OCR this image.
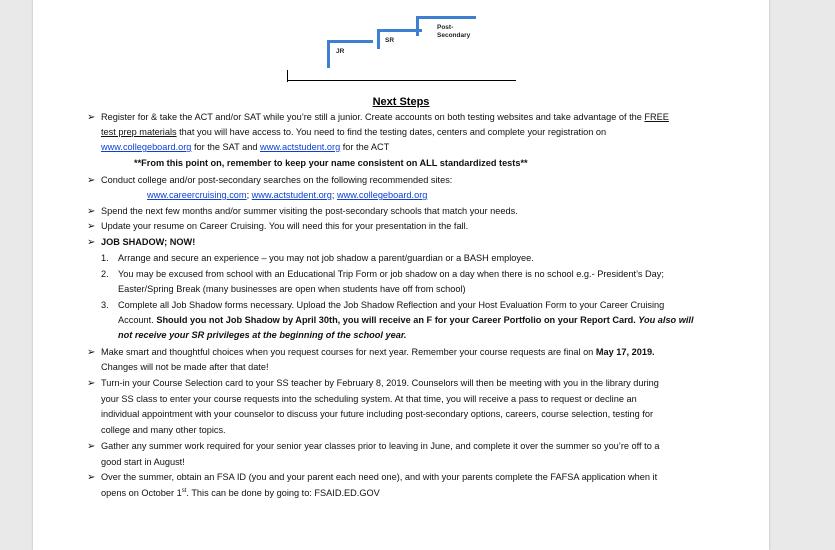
JR
SR
Post-
Secondary
Next Steps
➢ Register for & take the ACT and/or SAT while you’re still a junior. Create accounts on both testing websites and take advantage of the FREE
test prep materials that you will have access to. You need to find the testing dates, centers and complete your registration on
www.collegeboard.org for the SAT and www.actstudent.org for the ACT
**From this point on, remember to keep your name consistent on ALL standardized tests**
➢ Conduct college and/or post-secondary searches on the following recommended sites:
www.careercruising.com; www.actstudent.org; www.collegeboard.org
➢ Spend the next few months and/or summer visiting the post-secondary schools that match your needs.
➢ Update your resume on Career Cruising. You will need this for your presentation in the fall.
➢ JOB SHADOW; NOW!
1. Arrange and secure an experience – you may not job shadow a parent/guardian or a BASH employee.
2. You may be excused from school with an Educational Trip Form or job shadow on a day when there is no school e.g.- President’s Day;
Easter/Spring Break (many businesses are open when students have off from school)
3. Complete all Job Shadow forms necessary. Upload the Job Shadow Reflection and your Host Evaluation Form to your Career Cruising
Account. Should you not Job Shadow by April 30th, you will receive an F for your Career Portfolio on your Report Card. You also will
not receive your SR privileges at the beginning of the school year.
➢ Make smart and thoughtful choices when you request courses for next year. Remember your course requests are final on May 17, 2019.
Changes will not be made after that date!
➢ Turn-in your Course Selection card to your SS teacher by February 8, 2019. Counselors will then be meeting with you in the library during
your SS class to enter your course requests into the scheduling system. At that time, you will receive a pass to request or decline an
individual appointment with your counselor to discuss your future including post-secondary options, careers, course selection, testing for
college and many other topics.
➢ Gather any summer work required for your senior year classes prior to leaving in June, and complete it over the summer so you’re off to a
good start in August!
➢ Over the summer, obtain an FSA ID (you and your parent each need one), and with your parents complete the FAFSA application when it
opens on October 1st. This can be done by going to: FSAID.ED.GOV
